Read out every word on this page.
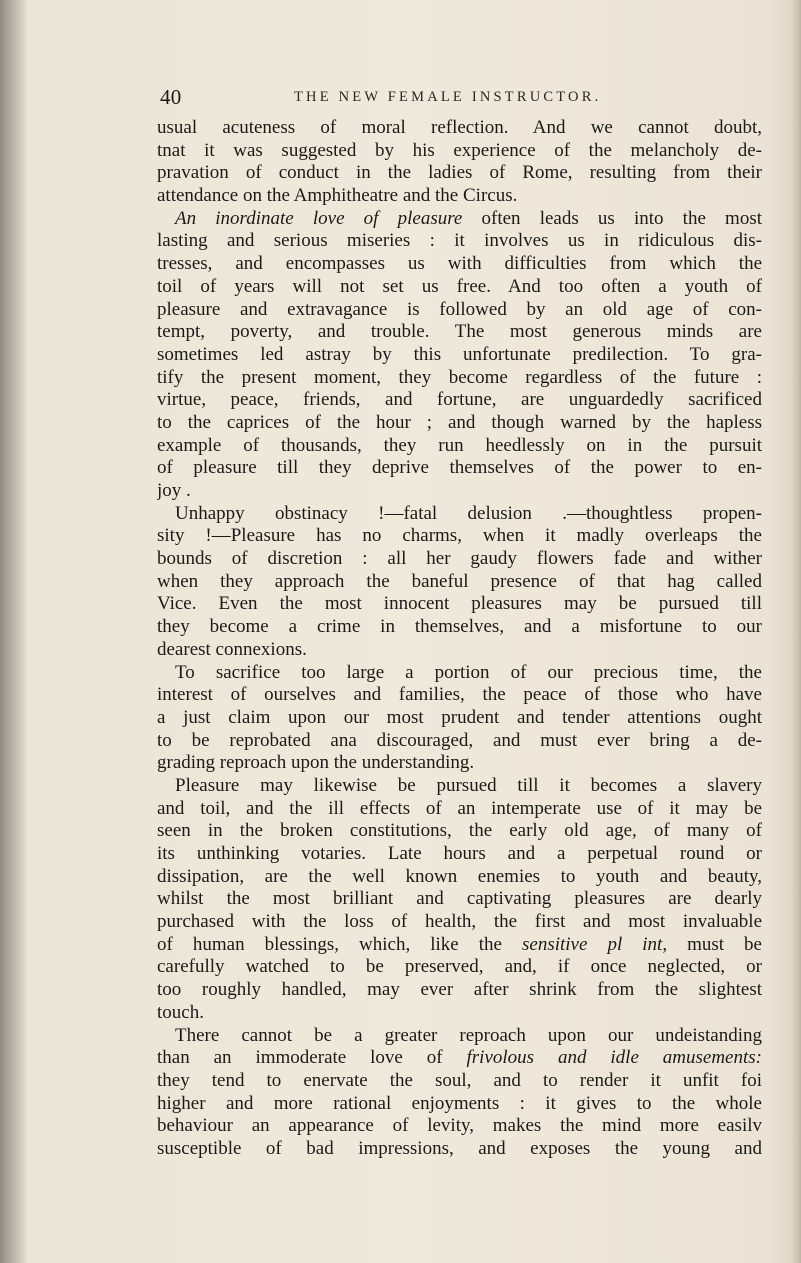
40	THE NEW FEMALE INSTRUCTOR.
usual acuteness of moral reflection. And we cannot doubt,
tnat it was suggested by his experience of the melancholy de-
pravation of conduct in the ladies of Rome, resulting from their
attendance on the Amphitheatre and the Circus.
An inordinate love of pleasure often leads us into the most
lasting and serious miseries : it involves us in ridiculous dis-
tresses, and encompasses us with difficulties from which the
toil of years will not set us free. And too often a youth of
pleasure and extravagance is followed by an old age of con-
tempt, poverty, and trouble. The most generous minds are
sometimes led astray by this unfortunate predilection. To gra-
tify the present moment, they become regardless of the future :
virtue, peace, friends, and fortune, are unguardedly sacrificed
to the caprices of the hour ; and though warned by the hapless
example of thousands, they run heedlessly on in the pursuit
of pleasure till they deprive themselves of the power to en-
joy .
Unhappy obstinacy !—fatal delusion .—thoughtless propen-
sity !—Pleasure has no charms, when it madly overleaps the
bounds of discretion : all her gaudy flowers fade and wither
when they approach the baneful presence of that hag called
Vice. Even the most innocent pleasures may be pursued till
they become a crime in themselves, and a misfortune to our
dearest connexions.
To sacrifice too large a portion of our precious time, the
interest of ourselves and families, the peace of those who have
a just claim upon our most prudent and tender attentions ought
to be reprobated ana discouraged, and must ever bring a de-
grading reproach upon the understanding.
Pleasure may likewise be pursued till it becomes a slavery
and toil, and the ill effects of an intemperate use of it may be
seen in the broken constitutions, the early old age, of many of
its unthinking votaries. Late hours and a perpetual round or
dissipation, are the well known enemies to youth and beauty,
whilst the most brilliant and captivating pleasures are dearly
purchased with the loss of health, the first and most invaluable
of human blessings, which, like the sensitive pl int, must be
carefully watched to be preserved, and, if once neglected, or
too roughly handled, may ever after shrink from the slightest
touch.
There cannot be a greater reproach upon our undeistanding
than an immoderate love of frivolous and idle amusements:
they tend to enervate the soul, and to render it unfit foi
higher and more rational enjoyments : it gives to the whole
behaviour an appearance of levity, makes the mind more easilv
susceptible of bad impressions, and exposes the young and
